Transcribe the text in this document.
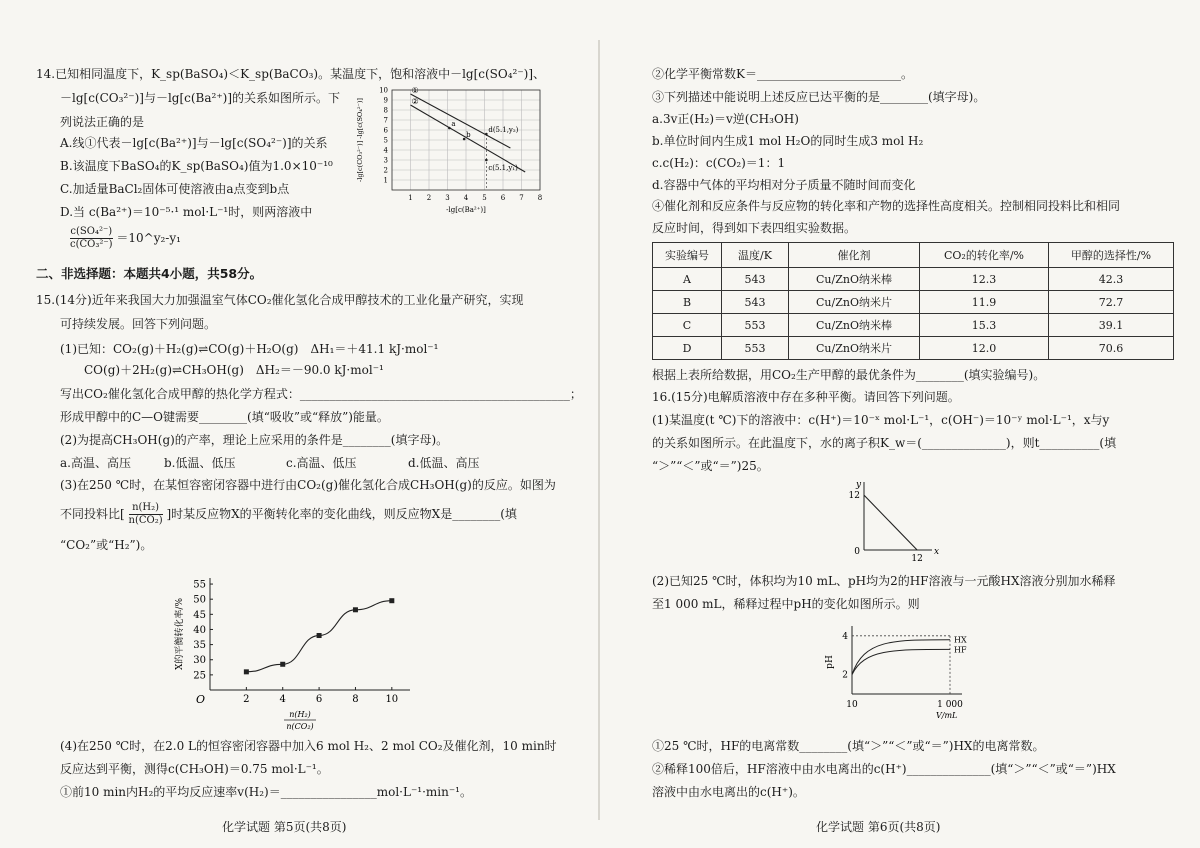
14.已知相同温度下，K_sp(BaSO₄)＜K_sp(BaCO₃)。某温度下，饱和溶液中－lg[c(SO₄²⁻)]、
－lg[c(CO₃²⁻)]与－lg[c(Ba²⁺)]的关系如图所示。下
列说法正确的是
A.线①代表－lg[c(Ba²⁺)]与－lg[c(SO₄²⁻)]的关系
B.该温度下BaSO₄的K_sp(BaSO₄)值为1.0×10⁻¹⁰
C.加适量BaCl₂固体可使溶液由a点变到b点
D.当 c(Ba²⁺)＝10⁻⁵·¹ mol·L⁻¹时，则两溶液中
$\frac{\text{c(SO₄²⁻)}}{\text{c(CO₃²⁻)}}$ ＝10^y₂-y₁
1 2 3 4 5 6 7 8
1
2
3
4
5
6
7
8
9
10
-lg[c(Ba²⁺)]
-lg[c(CO₃²⁻)] -lg[c(SO₄²⁻)]
①
②
a
b
d(5.1,y₂)
c(5.1,y₁)
二、非选择题：本题共4小题，共58分。
15.(14分)近年来我国大力加强温室气体CO₂催化氢化合成甲醇技术的工业化量产研究，实现
可持续发展。回答下列问题。
(1)已知：CO₂(g)＋H₂(g)⇌CO(g)＋H₂O(g)　ΔH₁＝＋41.1 kJ·mol⁻¹
CO(g)＋2H₂(g)⇌CH₃OH(g)　ΔH₂＝－90.0 kJ·mol⁻¹
写出CO₂催化氢化合成甲醇的热化学方程式：_____________________________________________；
形成甲醇中的C—O键需要________(填“吸收”或“释放”)能量。
(2)为提高CH₃OH(g)的产率，理论上应采用的条件是________(填字母)。
a.高温、高压	b.低温、低压	c.高温、低压	d.低温、高压
(3)在250 ℃时，在某恒容密闭容器中进行由CO₂(g)催化氢化合成CH₃OH(g)的反应。如图为
不同投料比[ $\frac{\text{n(H₂)}}{\text{n(CO₂)}}$ ]时某反应物X的平衡转化率的变化曲线，则反应物X是________(填
“CO₂”或“H₂”)。
2	4	6	8	10
25
30
35
40
45
50
55
O
X的平衡转化率/%
n(H₂)
n(CO₂)
(4)在250 ℃时，在2.0 L的恒容密闭容器中加入6 mol H₂、2 mol CO₂及催化剂，10 min时
反应达到平衡，测得c(CH₃OH)＝0.75 mol·L⁻¹。
①前10 min内H₂的平均反应速率v(H₂)＝________________mol·L⁻¹·min⁻¹。
化学试题 第5页(共8页)
②化学平衡常数K＝________________________。
③下列描述中能说明上述反应已达平衡的是________(填字母)。
a.3v正(H₂)＝v逆(CH₃OH)
b.单位时间内生成1 mol H₂O的同时生成3 mol H₂
c.c(H₂)：c(CO₂)＝1：1
d.容器中气体的平均相对分子质量不随时间而变化
④催化剂和反应条件与反应物的转化率和产物的选择性高度相关。控制相同投料比和相同
反应时间，得到如下表四组实验数据。
实验编号	温度/K	催化剂	CO₂的转化率/%	甲醇的选择性/%
A	543	Cu/ZnO纳米棒	12.3	42.3
B	543	Cu/ZnO纳米片	11.9	72.7
C	553	Cu/ZnO纳米棒	15.3	39.1
D	553	Cu/ZnO纳米片	12.0	70.6
根据上表所给数据，用CO₂生产甲醇的最优条件为________(填实验编号)。
16.(15分)电解质溶液中存在多种平衡。请回答下列问题。
(1)某温度(t ℃)下的溶液中：c(H⁺)＝10⁻ˣ mol·L⁻¹，c(OH⁻)＝10⁻ʸ mol·L⁻¹，x与y
的关系如图所示。在此温度下，水的离子积K_w＝(______________)，则t__________(填
“＞”“＜”或“＝”)25。
12
12
0
y
x
(2)已知25 ℃时，体积均为10 mL、pH均为2的HF溶液与一元酸HX溶液分别加水稀释
至1 000 mL，稀释过程中pH的变化如图所示。则
HX
HF
2
4
10	1 000
pH
V/mL
①25 ℃时，HF的电离常数________(填“＞”“＜”或“＝”)HX的电离常数。
②稀释100倍后，HF溶液中由水电离出的c(H⁺)______________(填“＞”“＜”或“＝”)HX
溶液中由水电离出的c(H⁺)。
化学试题 第6页(共8页)
